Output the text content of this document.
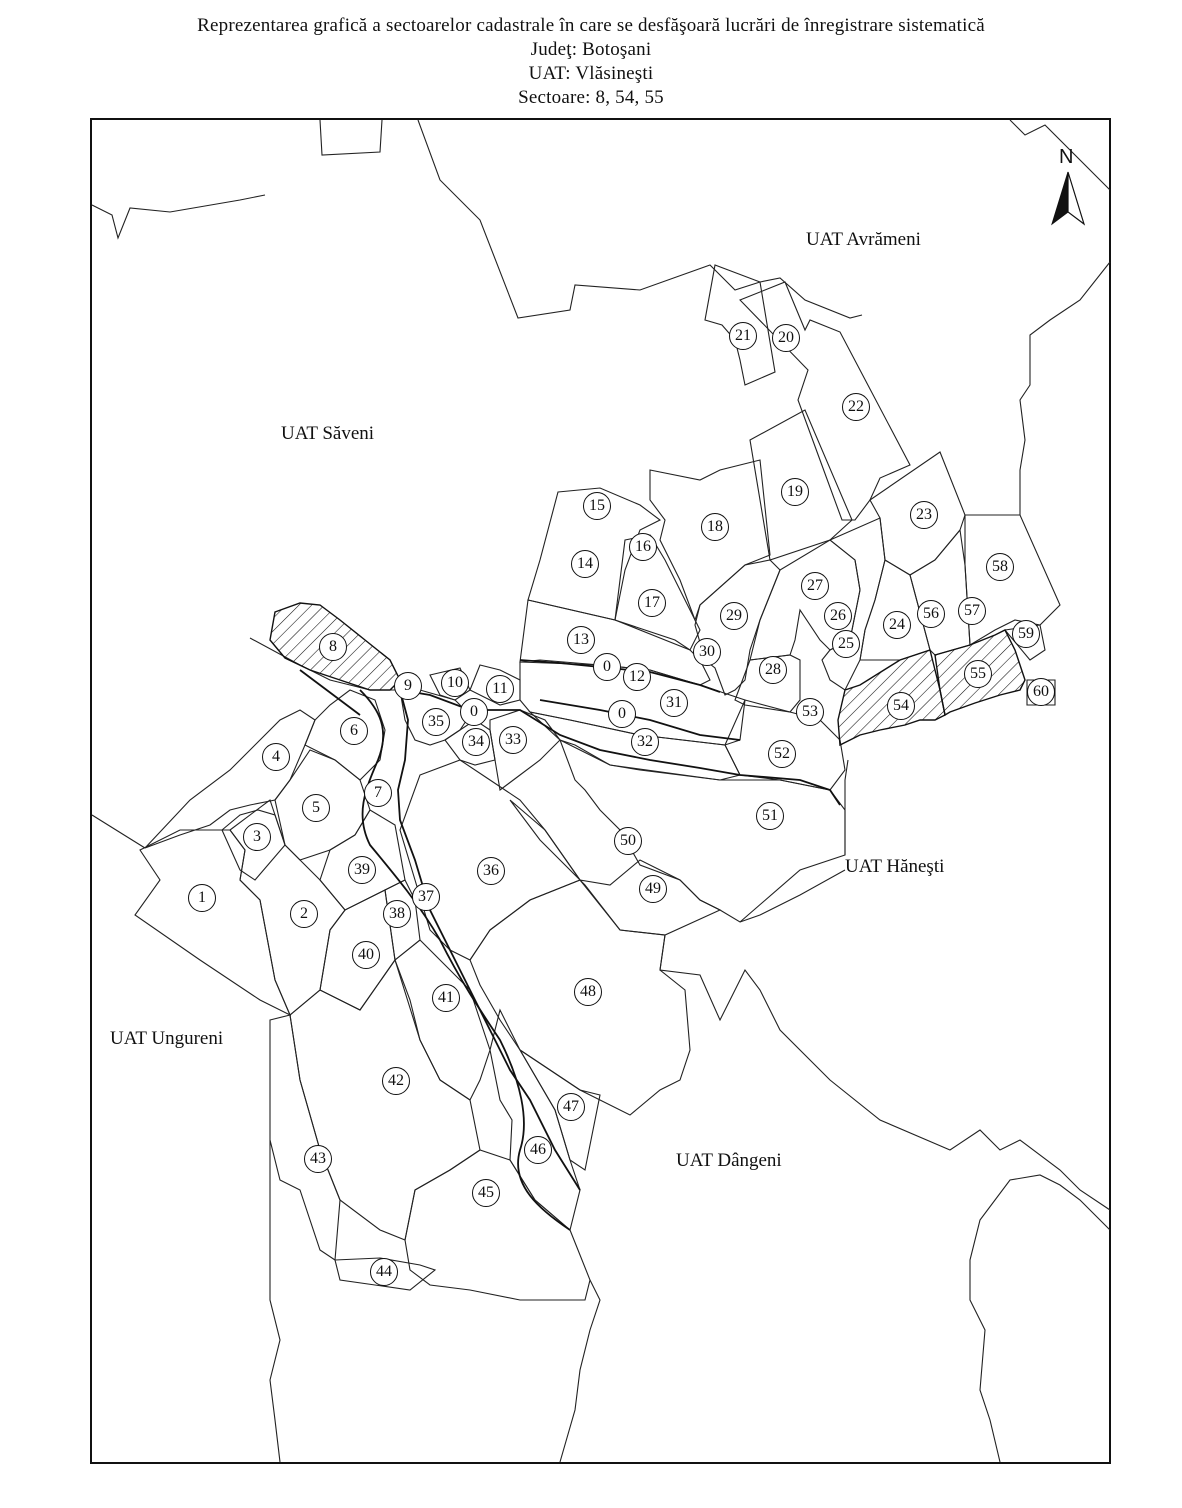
Reprezentarea grafică a sectoarelor cadastrale în care se desfăşoară lucrări de înregistrare sistematică
Judeţ: Botoşani
UAT: Vlăsineşti
Sectoare: 8, 54, 55
N
UAT Avrămeni
UAT Săveni
UAT Hăneşti
UAT Ungureni
UAT Dângeni
0
0	0
1
2
3
4
5
6
7
8
9	10	11
12
13
14
15
16
17
18
19
20
21
22
23
24
25
26
27
28
29
30
31
32
33
34
35
36
37
38
39
40
41
42
43
44
45
46
47
48
49
50
51
52
53	54
55
56	57
58
59
60
